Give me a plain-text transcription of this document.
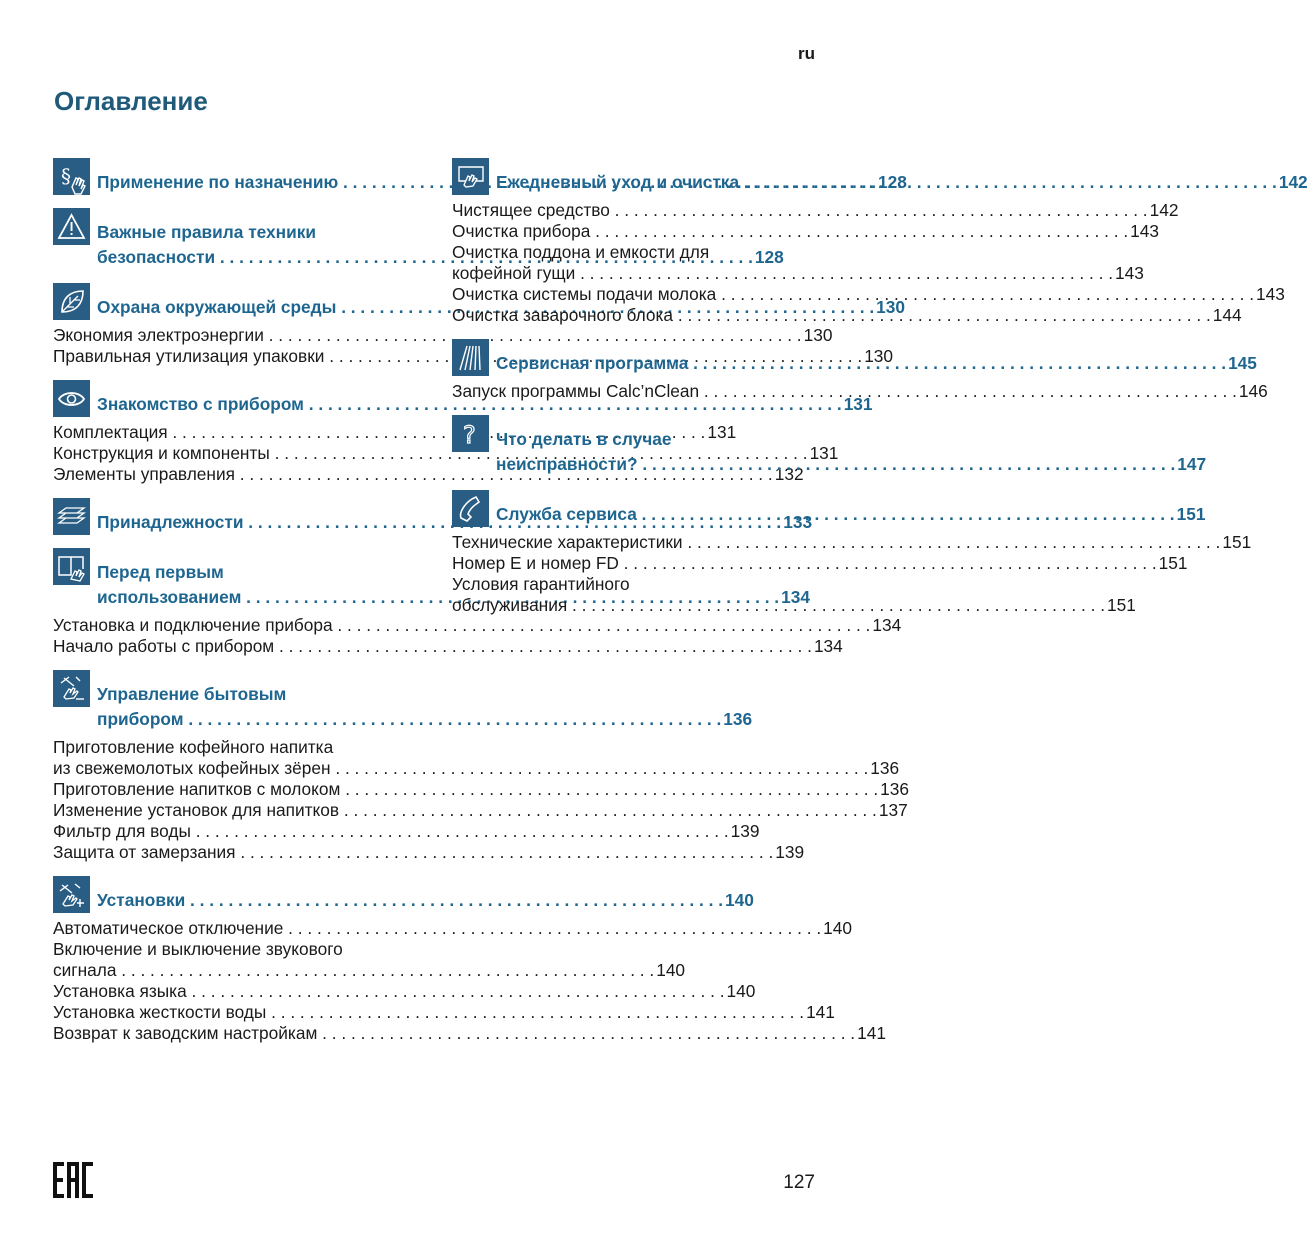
ru
Оглавление
§ Применение по назначению . . .	128
Важные правила техники
безопасности . . .	128
Охрана окружающей среды . . .	130
Экономия электроэнергии . . .	130
Правильная утилизация упаковки . . .	130
Знакомство с прибором . . .	131
Комплектация . . .	131
Конструкция и компоненты . . .	131
Элементы управления . . .	132
Принадлежности . . .	133
Перед первым
использованием . . .	134
Установка и подключение прибора . . .	134
Начало работы с прибором . . .	134
Управление бытовым
прибором . . .	136
Приготовление кофейного напитка
из свежемолотых кофейных зёрен . . .	136
Приготовление напитков с молоком . . .	136
Изменение установок для напитков . . .	137
Фильтр для воды . . .	139
Защита от замерзания . . .	139
Установки . . .	140
Автоматическое отключение . . .	140
Включение и выключение звукового
сигнала . . .	140
Установка языка . . .	140
Установка жесткости воды . . .	141
Возврат к заводским настройкам . . .	141
Ежедневный уход и очистка . . .	142
Чистящее средство . . .	142
Очистка прибора . . .	143
Очистка поддона и емкости для
кофейной гущи . . .	143
Очистка системы подачи молока . . .	143
Очистка заварочного блока . . .	144
Сервисная программа . . .	145
Запуск программы Calc’nClean . . .	146
? Что делать в случае
неисправности? . . .	147
Служба сервиса . . .	151
Технические характеристики . . .	151
Номер E и номер FD . . .	151
Условия гарантийного
обслуживания . . .	151
127
